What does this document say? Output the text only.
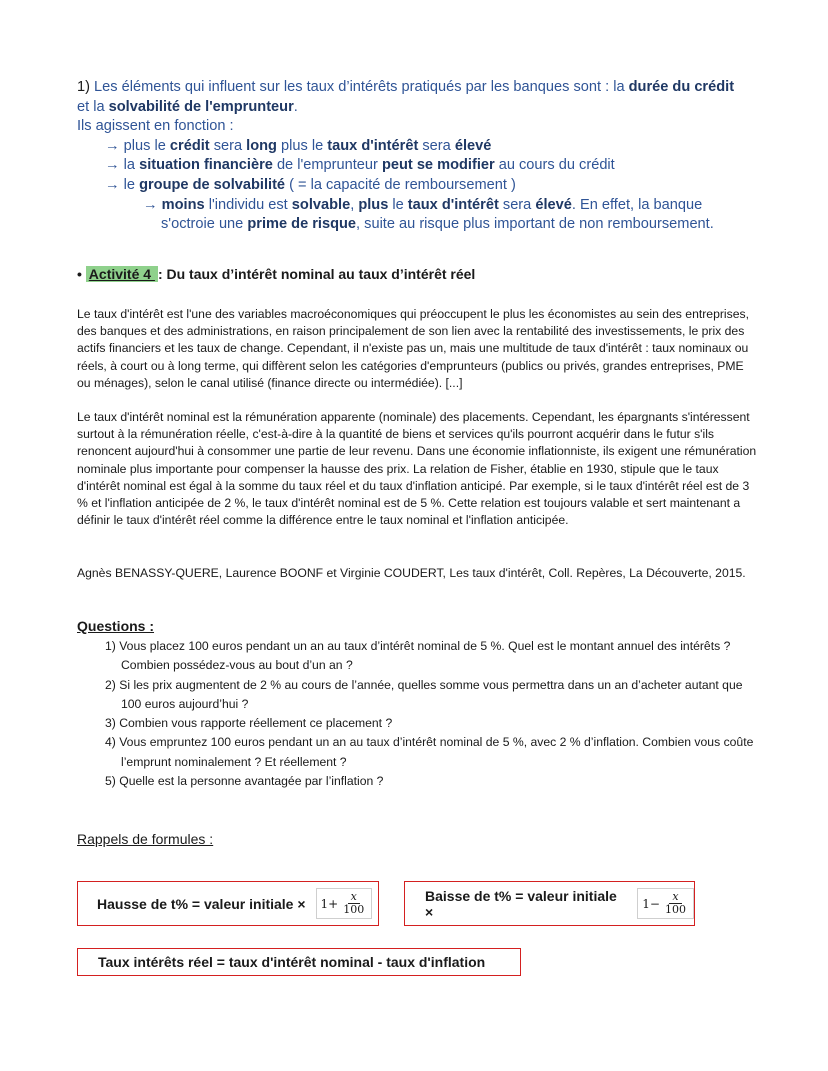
1) Les éléments qui influent sur les taux d’intérêts pratiqués par les banques sont : la durée du crédit

et la solvabilité de l'emprunteur.

Ils agissent en fonction :

→ plus le crédit sera long plus le taux d'intérêt sera élevé

→ la situation financière de l'emprunteur peut se modifier au cours du crédit

→ le groupe de solvabilité ( = la capacité de remboursement )

→ moins l'individu est solvable, plus le taux d'intérêt sera élevé. En effet, la banque

s'octroie une prime de risque, suite au risque plus important de non remboursement.

• Activité 4 : Du taux d’intérêt nominal au taux d’intérêt réel

Le taux d'intérêt est l'une des variables macroéconomiques qui préoccupent le plus les économistes au sein des entreprises, des banques et des administrations, en raison principalement de son lien avec la rentabilité des investissements, le prix des actifs financiers et les taux de change. Cependant, il n'existe pas un, mais une multitude de taux d'intérêt : taux nominaux ou réels, à court ou à long terme, qui diffèrent selon les catégories d'emprunteurs (publics ou privés, grandes entreprises, PME ou ménages), selon le canal utilisé (finance directe ou intermédiée). [...]

Le taux d'intérêt nominal est la rémunération apparente (nominale) des placements. Cependant, les épargnants s'intéressent surtout à la rémunération réelle, c'est-à-dire à la quantité de biens et services qu'ils pourront acquérir dans le futur s'ils renoncent aujourd'hui à consommer une partie de leur revenu. Dans une économie inflationniste, ils exigent une rémunération nominale plus importante pour compenser la hausse des prix. La relation de Fisher, établie en 1930, stipule que le taux d'intérêt nominal est égal à la somme du taux réel et du taux d'inflation anticipé. Par exemple, si le taux d'intérêt réel est de 3 % et l'inflation anticipée de 2 %, le taux d'intérêt nominal est de 5 %. Cette relation est toujours valable et sert maintenant a définir le taux d'intérêt réel comme la différence entre le taux nominal et l'inflation anticipée.

Agnès BENASSY-QUERE, Laurence BOONF et Virginie COUDERT, Les taux d'intérêt, Coll. Repères, La Découverte, 2015.

Questions :
1) Vous placez 100 euros pendant un an au taux d’intérêt nominal de 5 %. Quel est le montant annuel des intérêts ? Combien possédez-vous au bout d’un an ?
2) Si les prix augmentent de 2 % au cours de l’année, quelles somme vous permettra dans un an d’acheter autant que 100 euros aujourd’hui ?
3) Combien vous rapporte réellement ce placement ?
4) Vous empruntez 100 euros pendant un an au taux d’intérêt nominal de 5 %, avec 2 % d’inflation. Combien vous coûte l’emprunt nominalement ? Et réellement ?
5) Quelle est la personne avantagée par l’inflation ?
Rappels de formules :
Hausse de t% = valeur initiale × $1+ \frac{x}{100}$	Baisse de t% = valeur initiale ×	$1- \frac{x}{100}$
Taux intérêts réel = taux d'intérêt nominal - taux d'inflation
